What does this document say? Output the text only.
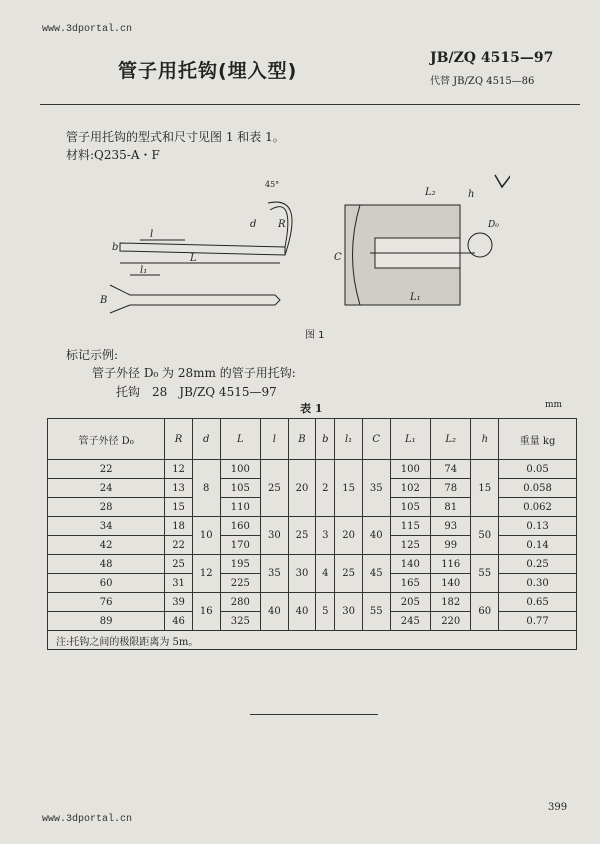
www.3dportal.cn
管子用托钩(埋入型)
JB/ZQ 4515—97
代替 JB/ZQ 4515—86
管子用托钩的型式和尺寸见图 1 和表 1。
材料:Q235-A・F
l
b
d R
L
45°
l₁
B
L₂	h
D₀
C
L₁
图 1
标记示例:
管子外径 D₀ 为 28mm 的管子用托钩:
托钩　28　JB/ZQ 4515—97
表 1	mm
管子外径 D₀	R	d	L	l	B	b	l₁	C	L₁	L₂	h	重量 kg
22	12	8	100	25	20	2	15	35	100	74	15	0.05
24	13		105						102	78		0.058
28	15		110						105	81		0.062
34	18	10	160	30	25	3	20	40	115	93	50	0.13
42	22		170						125	99		0.14
48	25	12	195	35	30	4	25	45	140	116	55	0.25
60	31		225						165	140		0.30
76	39	16	280	40	40	5	30	55	205	182	60	0.65
89	46		325						245	220		0.77
注:托钩之间的极限距离为 5m。												
www.3dportal.cn
399
